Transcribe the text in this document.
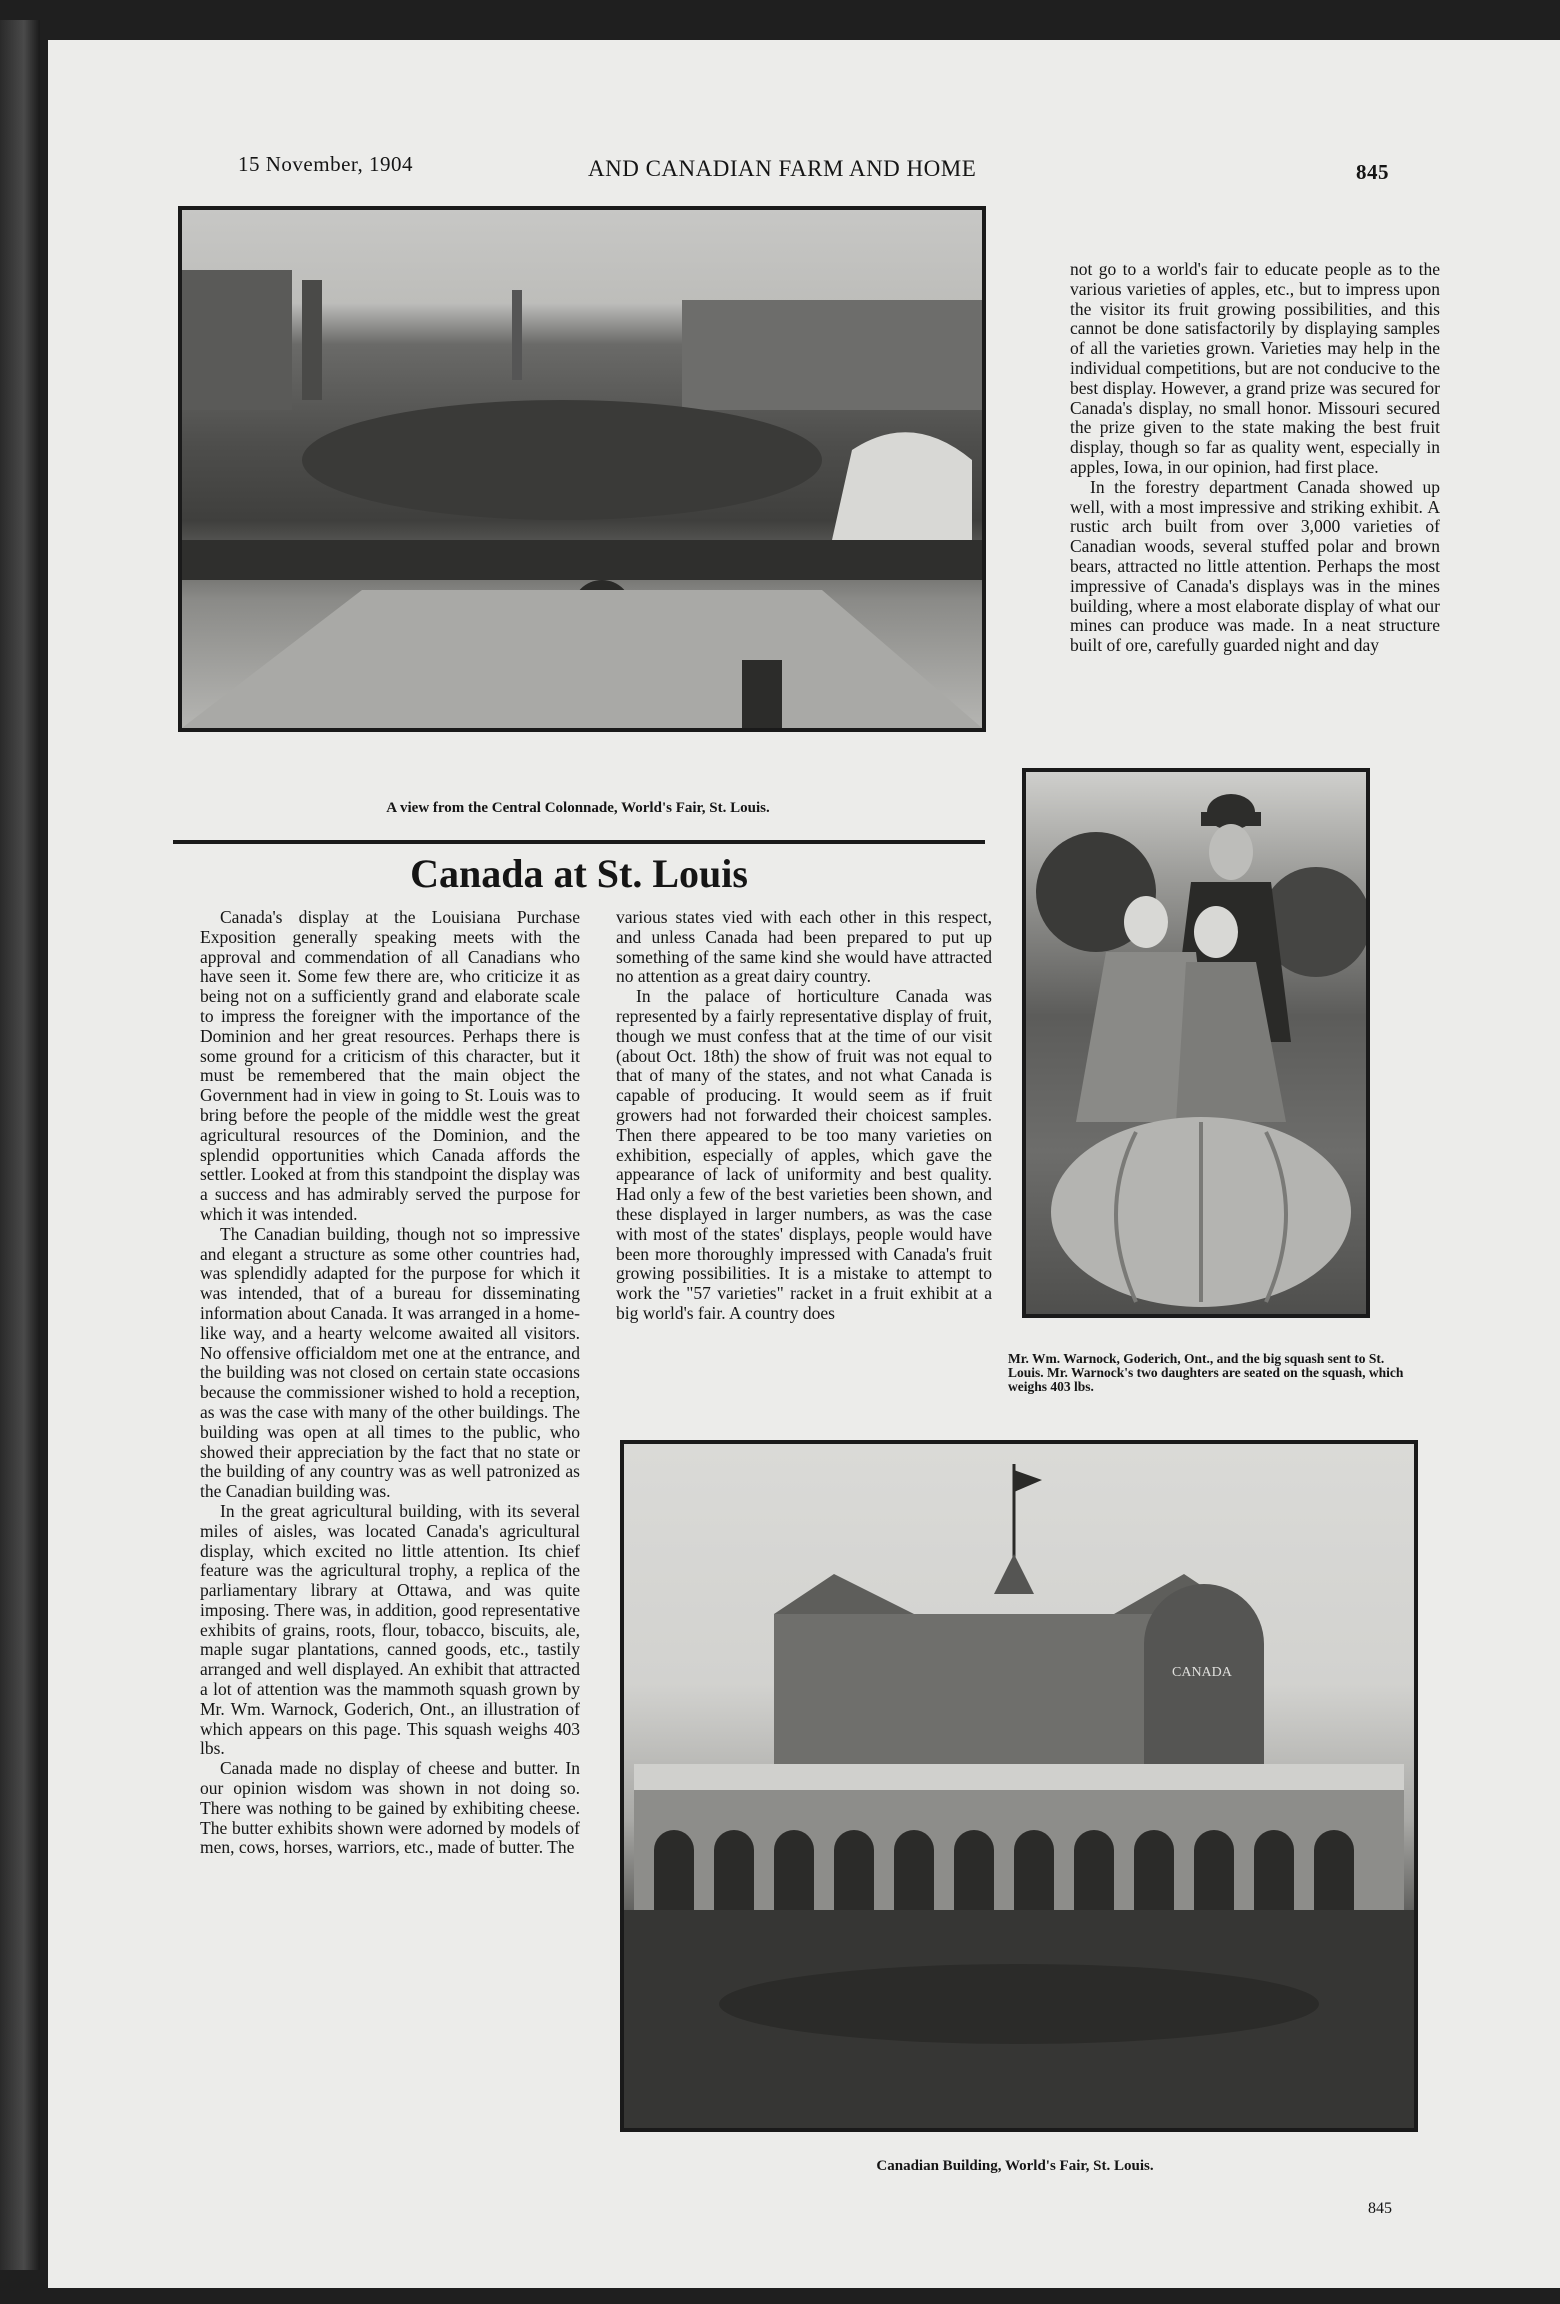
15 November, 1904	AND CANADIAN FARM AND HOME	845
A view from the Central Colonnade, World's Fair, St. Louis.

not go to a world's fair to educate people as to the various varieties of apples, etc., but to impress upon the visitor its fruit growing possibilities, and this cannot be done satisfactorily by displaying samples of all the varieties grown. Varieties may help in the individual competitions, but are not conducive to the best display. However, a grand prize was secured for Canada's display, no small honor. Missouri secured the prize given to the state making the best fruit display, though so far as quality went, especially in apples, Iowa, in our opinion, had first place.

In the forestry department Canada showed up well, with a most impressive and striking exhibit. A rustic arch built from over 3,000 varieties of Canadian woods, several stuffed polar and brown bears, attracted no little attention. Perhaps the most impressive of Canada's displays was in the mines building, where a most elaborate display of what our mines can produce was made. In a neat structure built of ore, carefully guarded night and day

Canada at St. Louis

Canada's display at the Louisiana Purchase Exposition generally speaking meets with the approval and commendation of all Canadians who have seen it. Some few there are, who criticize it as being not on a sufficiently grand and elaborate scale to impress the foreigner with the importance of the Dominion and her great resources. Perhaps there is some ground for a criticism of this character, but it must be remembered that the main object the Government had in view in going to St. Louis was to bring before the people of the middle west the great agricultural resources of the Dominion, and the splendid opportunities which Canada affords the settler. Looked at from this standpoint the display was a success and has admirably served the purpose for which it was intended.

The Canadian building, though not so impressive and elegant a structure as some other countries had, was splendidly adapted for the purpose for which it was intended, that of a bureau for disseminating information about Canada. It was arranged in a home-like way, and a hearty welcome awaited all visitors. No offensive officialdom met one at the entrance, and the building was not closed on certain state occasions because the commissioner wished to hold a reception, as was the case with many of the other buildings. The building was open at all times to the public, who showed their appreciation by the fact that no state or the building of any country was as well patronized as the Canadian building was.

In the great agricultural building, with its several miles of aisles, was located Canada's agricultural display, which excited no little attention. Its chief feature was the agricultural trophy, a replica of the parliamentary library at Ottawa, and was quite imposing. There was, in addition, good representative exhibits of grains, roots, flour, tobacco, biscuits, ale, maple sugar plantations, canned goods, etc., tastily arranged and well displayed. An exhibit that attracted a lot of attention was the mammoth squash grown by Mr. Wm. Warnock, Goderich, Ont., an illustration of which appears on this page. This squash weighs 403 lbs.

Canada made no display of cheese and butter. In our opinion wisdom was shown in not doing so. There was nothing to be gained by exhibiting cheese. The butter exhibits shown were adorned by models of men, cows, horses, warriors, etc., made of butter. The

various states vied with each other in this respect, and unless Canada had been prepared to put up something of the same kind she would have attracted no attention as a great dairy country.

In the palace of horticulture Canada was represented by a fairly representative display of fruit, though we must confess that at the time of our visit (about Oct. 18th) the show of fruit was not equal to that of many of the states, and not what Canada is capable of producing. It would seem as if fruit growers had not forwarded their choicest samples. Then there appeared to be too many varieties on exhibition, especially of apples, which gave the appearance of lack of uniformity and best quality. Had only a few of the best varieties been shown, and these displayed in larger numbers, as was the case with most of the states' displays, people would have been more thoroughly impressed with Canada's fruit growing possibilities. It is a mistake to attempt to work the "57 varieties" racket in a fruit exhibit at a big world's fair. A country does

Mr. Wm. Warnock, Goderich, Ont., and the big squash sent to St. Louis. Mr. Warnock's two daughters are seated on the squash, which weighs 403 lbs.
CANADA
Canadian Building, World's Fair, St. Louis.
845
